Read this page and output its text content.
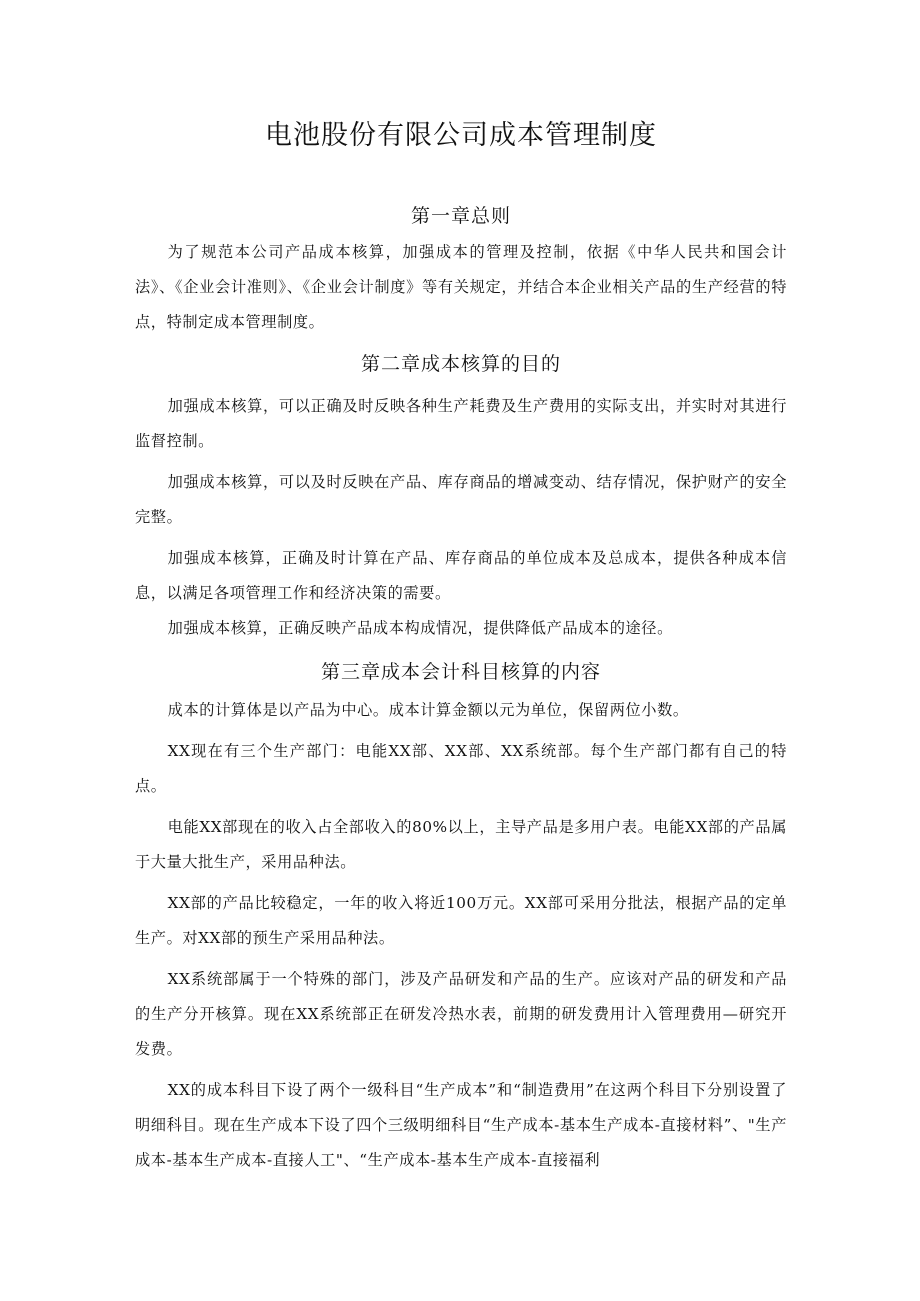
电池股份有限公司成本管理制度
第一章总则

为了规范本公司产品成本核算，加强成本的管理及控制，依据《中华人民共和国会计法》、《企业会计准则》、《企业会计制度》等有关规定，并结合本企业相关产品的生产经营的特点，特制定成本管理制度。

第二章成本核算的目的

加强成本核算，可以正确及时反映各种生产耗费及生产费用的实际支出，并实时对其进行监督控制。

加强成本核算，可以及时反映在产品、库存商品的增减变动、结存情况，保护财产的安全完整。

加强成本核算，正确及时计算在产品、库存商品的单位成本及总成本，提供各种成本信息，以满足各项管理工作和经济决策的需要。

加强成本核算，正确反映产品成本构成情况，提供降低产品成本的途径。

第三章成本会计科目核算的内容

成本的计算体是以产品为中心。成本计算金额以元为单位，保留两位小数。

XX现在有三个生产部门：电能XX部、XX部、XX系统部。每个生产部门都有自己的特点。

电能XX部现在的收入占全部收入的80%以上，主导产品是多用户表。电能XX部的产品属于大量大批生产，采用品种法。

XX部的产品比较稳定，一年的收入将近100万元。XX部可采用分批法，根据产品的定单生产。对XX部的预生产采用品种法。

XX系统部属于一个特殊的部门，涉及产品研发和产品的生产。应该对产品的研发和产品的生产分开核算。现在XX系统部正在研发冷热水表，前期的研发费用计入管理费用—研究开发费。

XX的成本科目下设了两个一级科目“生产成本”和“制造费用”在这两个科目下分别设置了明细科目。现在生产成本下设了四个三级明细科目“生产成本-基本生产成本-直接材料”、"生产成本-基本生产成本-直接人工"、“生产成本-基本生产成本-直接福利
